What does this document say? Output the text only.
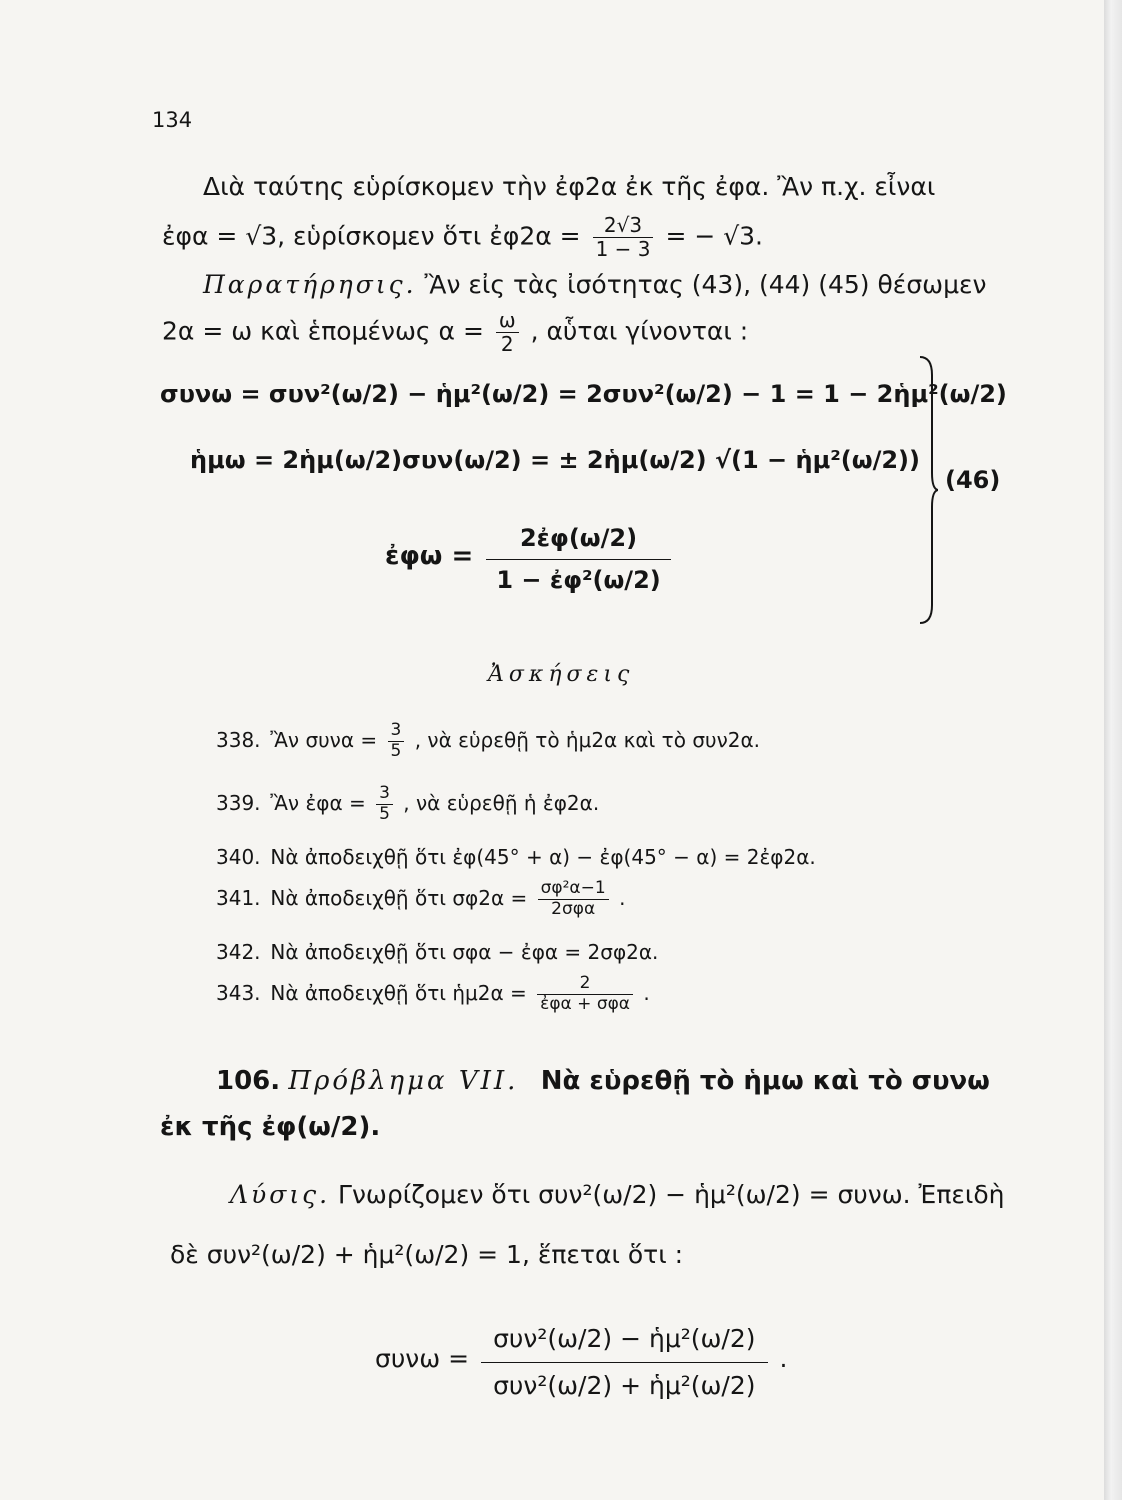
134
Διὰ ταύτης εὑρίσκομεν τὴν ἐφ2α ἐκ τῆς ἐφα. Ἂν π.χ. εἶναι
ἐφα = √3, εὑρίσκομεν ὅτι ἐφ2α = $\frac{2√3}{1 - 3}$ = − √3.
Παρατήρησις. Ἂν εἰς τὰς ἰσότητας (43), (44) (45) θέσωμεν
2α = ω καὶ ἑπομένως $\alpha = \frac{\omega}{2}$ , αὗται γίνονται :
συνω = συν²(ω/2) − ἡμ²(ω/2) = 2συν²(ω/2) − 1 = 1 − 2ἡμ²(ω/2)
ἡμω = 2ἡμ(ω/2)συν(ω/2) = ± 2ἡμ(ω/2) √(1 − ἡμ²(ω/2))
ἐφω = $\frac{\text{2ἐφ(ω/2)}}{\text{1 − ἐφ²(ω/2)}}$
(46)
Ἀσκήσεις
338. Ἂν $\sigma\upsilon\nu\alpha = \frac{3}{5}$ , νὰ εὑρεθῇ τὸ ἡμ2α καὶ τὸ συν2α.
339. Ἂν ἐφα = $\frac{3}{5}$ , νὰ εὑρεθῇ ἡ ἐφ2α.
340. Νὰ ἀποδειχθῇ ὅτι ἐφ(45° + α) − ἐφ(45° − α) = 2ἐφ2α.
341. Νὰ ἀποδειχθῇ ὅτι $\sigma\varphi 2\alpha = \frac{\text{σφ²α−1}}{\text{2σφα}}$ .
342. Νὰ ἀποδειχθῇ ὅτι σφα − ἐφα = 2σφ2α.
343. Νὰ ἀποδειχθῇ ὅτι ἡμ2α = $\frac{2}{\text{ἐφα + σφα}}$ .
106. Πρόβλημα VII. Νὰ εὑρεθῇ τὸ ἡμω καὶ τὸ συνω
ἐκ τῆς ἐφ(ω/2).
Λύσις. Γνωρίζομεν ὅτι συν²(ω/2) − ἡμ²(ω/2) = συνω. Ἐπειδὴ
δὲ συν²(ω/2) + ἡμ²(ω/2) = 1, ἕπεται ὅτι :
$\sigma\upsilon\nu\omega = \frac{\text{συν²(ω/2) − ἡμ²(ω/2)}}{\text{συν²(ω/2) + ἡμ²(ω/2)}}$ .
